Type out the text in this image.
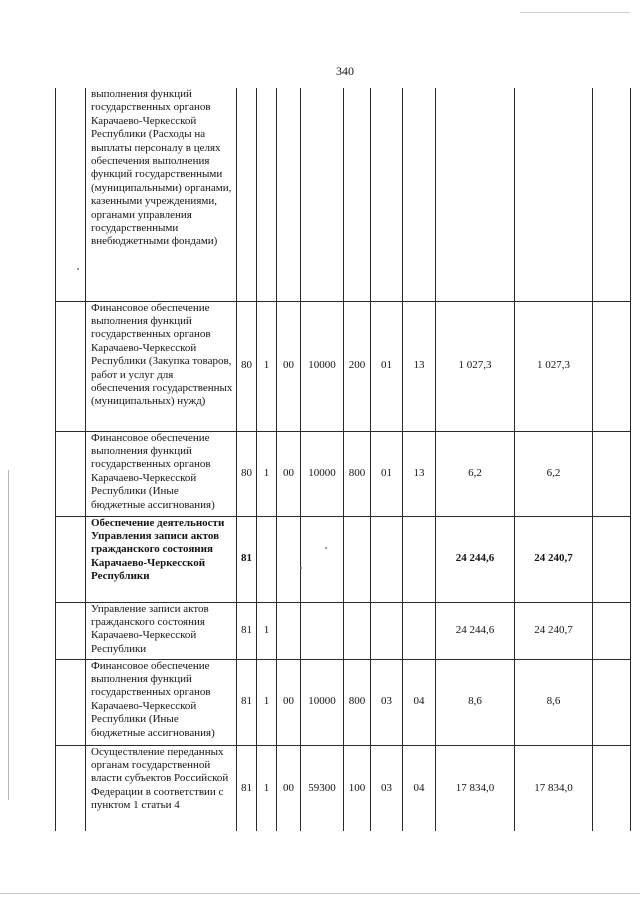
340

	выполнения функций государственных органов Карачаево-Черкесской Республики (Расходы на выплаты персоналу в целях обеспечения выполнения функций государственными (муниципальными) органами, казенными учреждениями, органами управления государственными внебюджетными фондами)										

	Финансовое обеспечение выполнения функций государственных органов Карачаево-Черкесской Республики (Закупка товаров, работ и услуг для обеспечения государственных (муниципальных) нужд)	80	1	00	10000	200	01	13	1 027,3	1 027,3	

	Финансовое обеспечение выполнения функций государственных органов Карачаево-Черкесской Республики (Иные бюджетные ассигнования)	80	1	00	10000	800	01	13	6,2	6,2	

	Обеспечение деятельности Управления записи актов гражданского состояния Карачаево-Черкесской Республики	81							24 244,6	24 240,7	

	Управление записи актов гражданского состояния Карачаево-Черкесской Республики	81	1						24 244,6	24 240,7	

	Финансовое обеспечение выполнения функций государственных органов Карачаево-Черкесской Республики (Иные бюджетные ассигнования)	81	1	00	10000	800	03	04	8,6	8,6	

	Осуществление переданных органам государственной власти субъектов Российской Федерации в соответствии с пунктом 1 статьи 4	81	1	00	59300	100	03	04	17 834,0	17 834,0	
